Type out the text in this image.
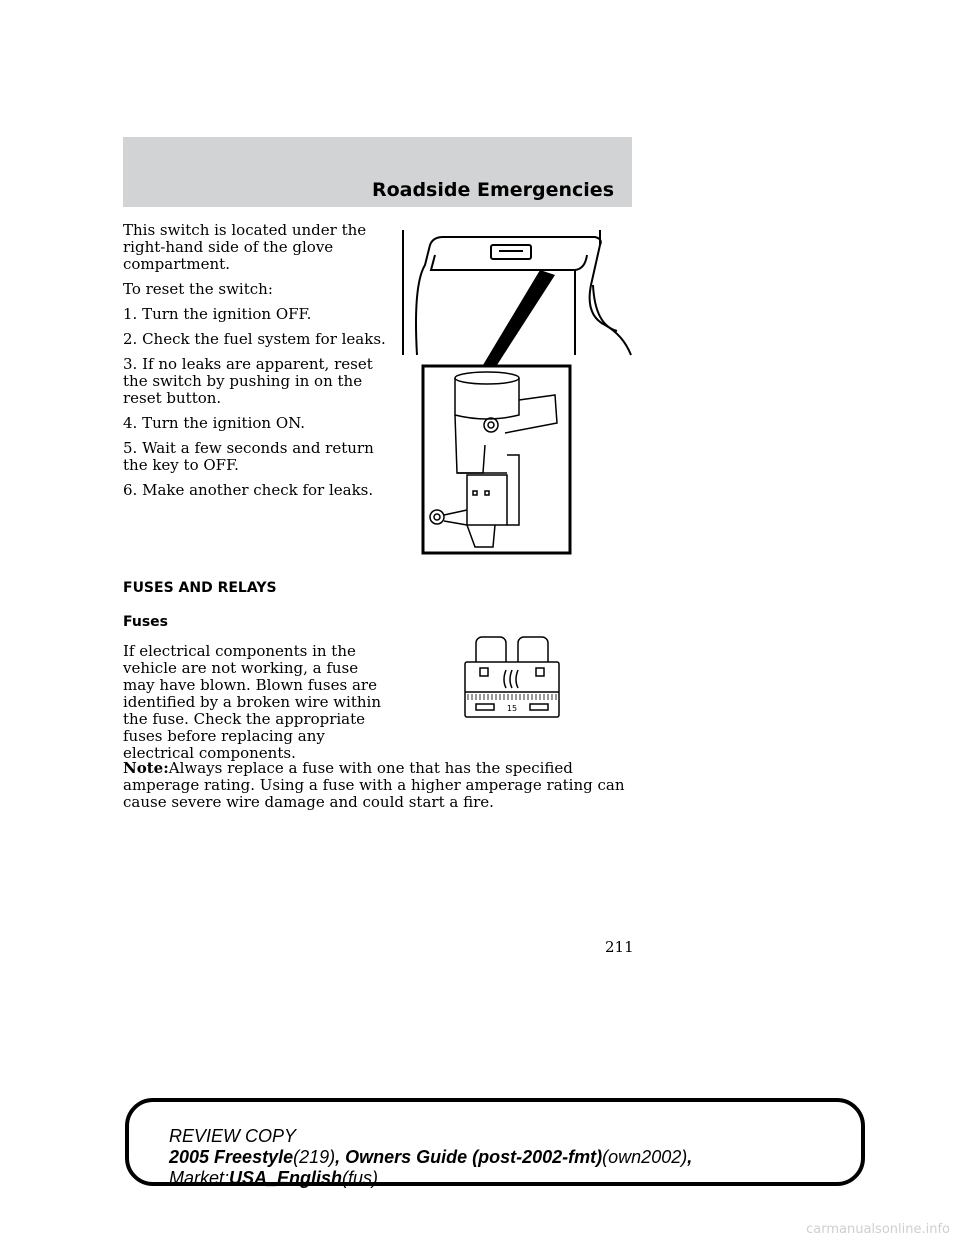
Roadside Emergencies

This switch is located under the right-hand side of the glove compartment.

To reset the switch:

1. Turn the ignition OFF.

2. Check the fuel system for leaks.

3. If no leaks are apparent, reset the switch by pushing in on the reset button.

4. Turn the ignition ON.

5. Wait a few seconds and return the key to OFF.

6. Make another check for leaks.

FUSES AND RELAYS
Fuses
If electrical components in the vehicle are not working, a fuse may have blown. Blown fuses are identified by a broken wire within the fuse. Check the appropriate fuses before replacing any electrical components.
15
Note:Always replace a fuse with one that has the specified amperage rating. Using a fuse with a higher amperage rating can cause severe wire damage and could start a fire.
211
REVIEW COPY
2005 Freestyle(219), Owners Guide (post-2002-fmt)(own2002),
Market:USA_English(fus)
carmanualsonline.info
